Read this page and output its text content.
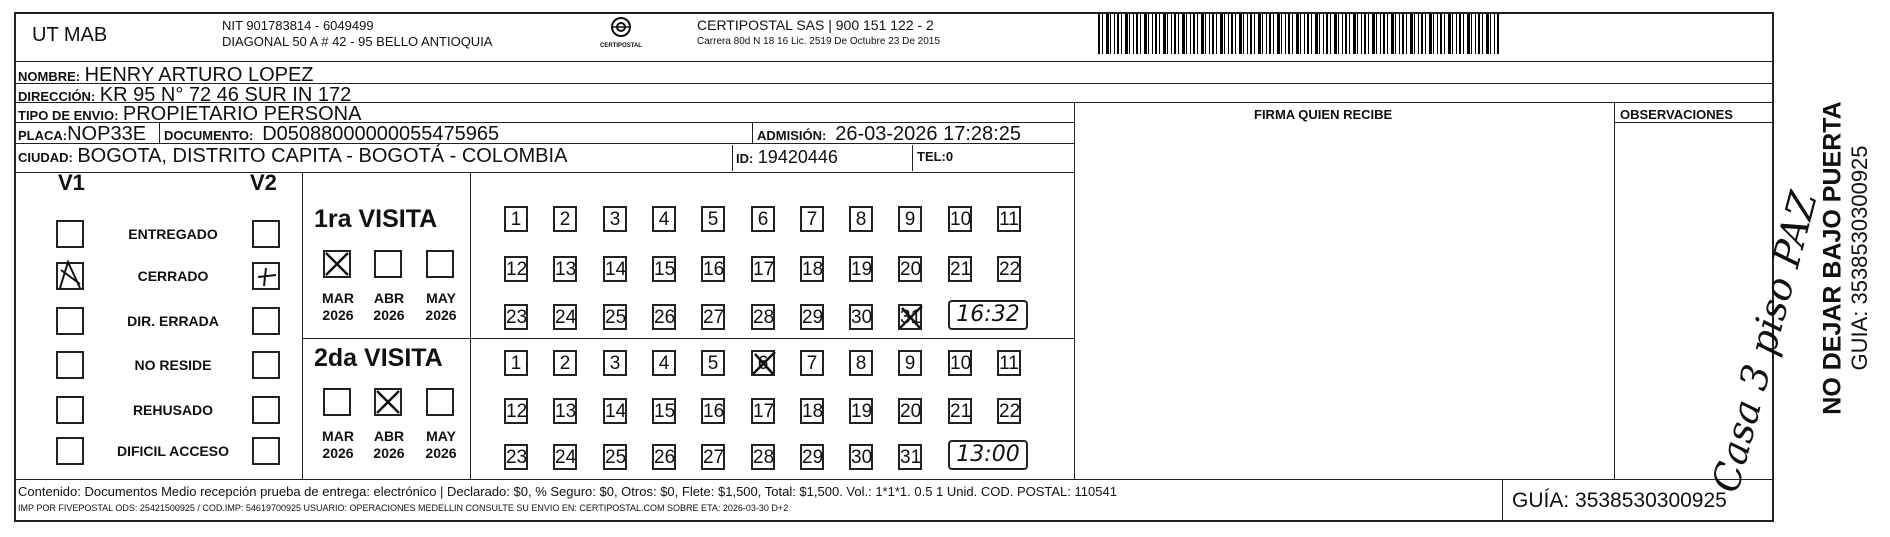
UT MAB	NIT 901783814 - 6049499
DIAGONAL 50 A # 42 - 95 BELLO ANTIOQUIA	CERTIPOSTAL
CERTIPOSTAL SAS | 900 151 122 - 2
Carrera 80d N 18 16 Lic. 2519 De Octubre 23 De 2015
NOMBRE: HENRY ARTURO LOPEZ
DIRECCIÓN: KR 95 N° 72 46 SUR IN 172
TIPO DE ENVIO: PROPIETARIO PERSONA	FIRMA QUIEN RECIBE	OBSERVACIONES
PLACA:NOP33E DOCUMENTO: D05088000000055475965	ADMISIÓN: 26-03-2026 17:28:25
CIUDAD: BOGOTA, DISTRITO CAPITA - BOGOTÁ - COLOMBIA	ID: 19420446	TEL:0
V1	V2
ENTREGADO
CERRADO
DIR. ERRADA
NO RESIDE
REHUSADO
DIFICIL ACCESO
1ra VISITA
2da VISITA
MAR
2026
ABR
2026
MAY
2026
MAR
2026
ABR
2026
MAY
2026
1	2	3	4	5	6	7	8	9	10 11
12 13 14 15 16 17 18 19 20 21 22
23 24 25 26 27 28 29 30 31	16:32
1	2	3	4	5	6	7	8	9	10 11
12 13 14 15 16 17 18 19 20 21 22
23 24 25 26 27 28 29 30 31	13:00	Casa 3 piso PAZ
NO DEJAR BAJO PUERTA GUIA: 3538530300925
Contenido: Documentos Medio recepción prueba de entrega: electrónico | Declarado: $0, % Seguro: $0, Otros: $0, Flete: $1,500, Total: $1,500. Vol.: 1*1*1. 0.5 1 Unid. COD. POSTAL: 110541
IMP POR FIVEPOSTAL ODS: 25421500925 / COD.IMP: 54619700925 USUARIO: OPERACIONES MEDELLIN CONSULTE SU ENVIO EN: CERTIPOSTAL.COM SOBRE ETA: 2026-03-30 D+2	GUÍA: 3538530300925
